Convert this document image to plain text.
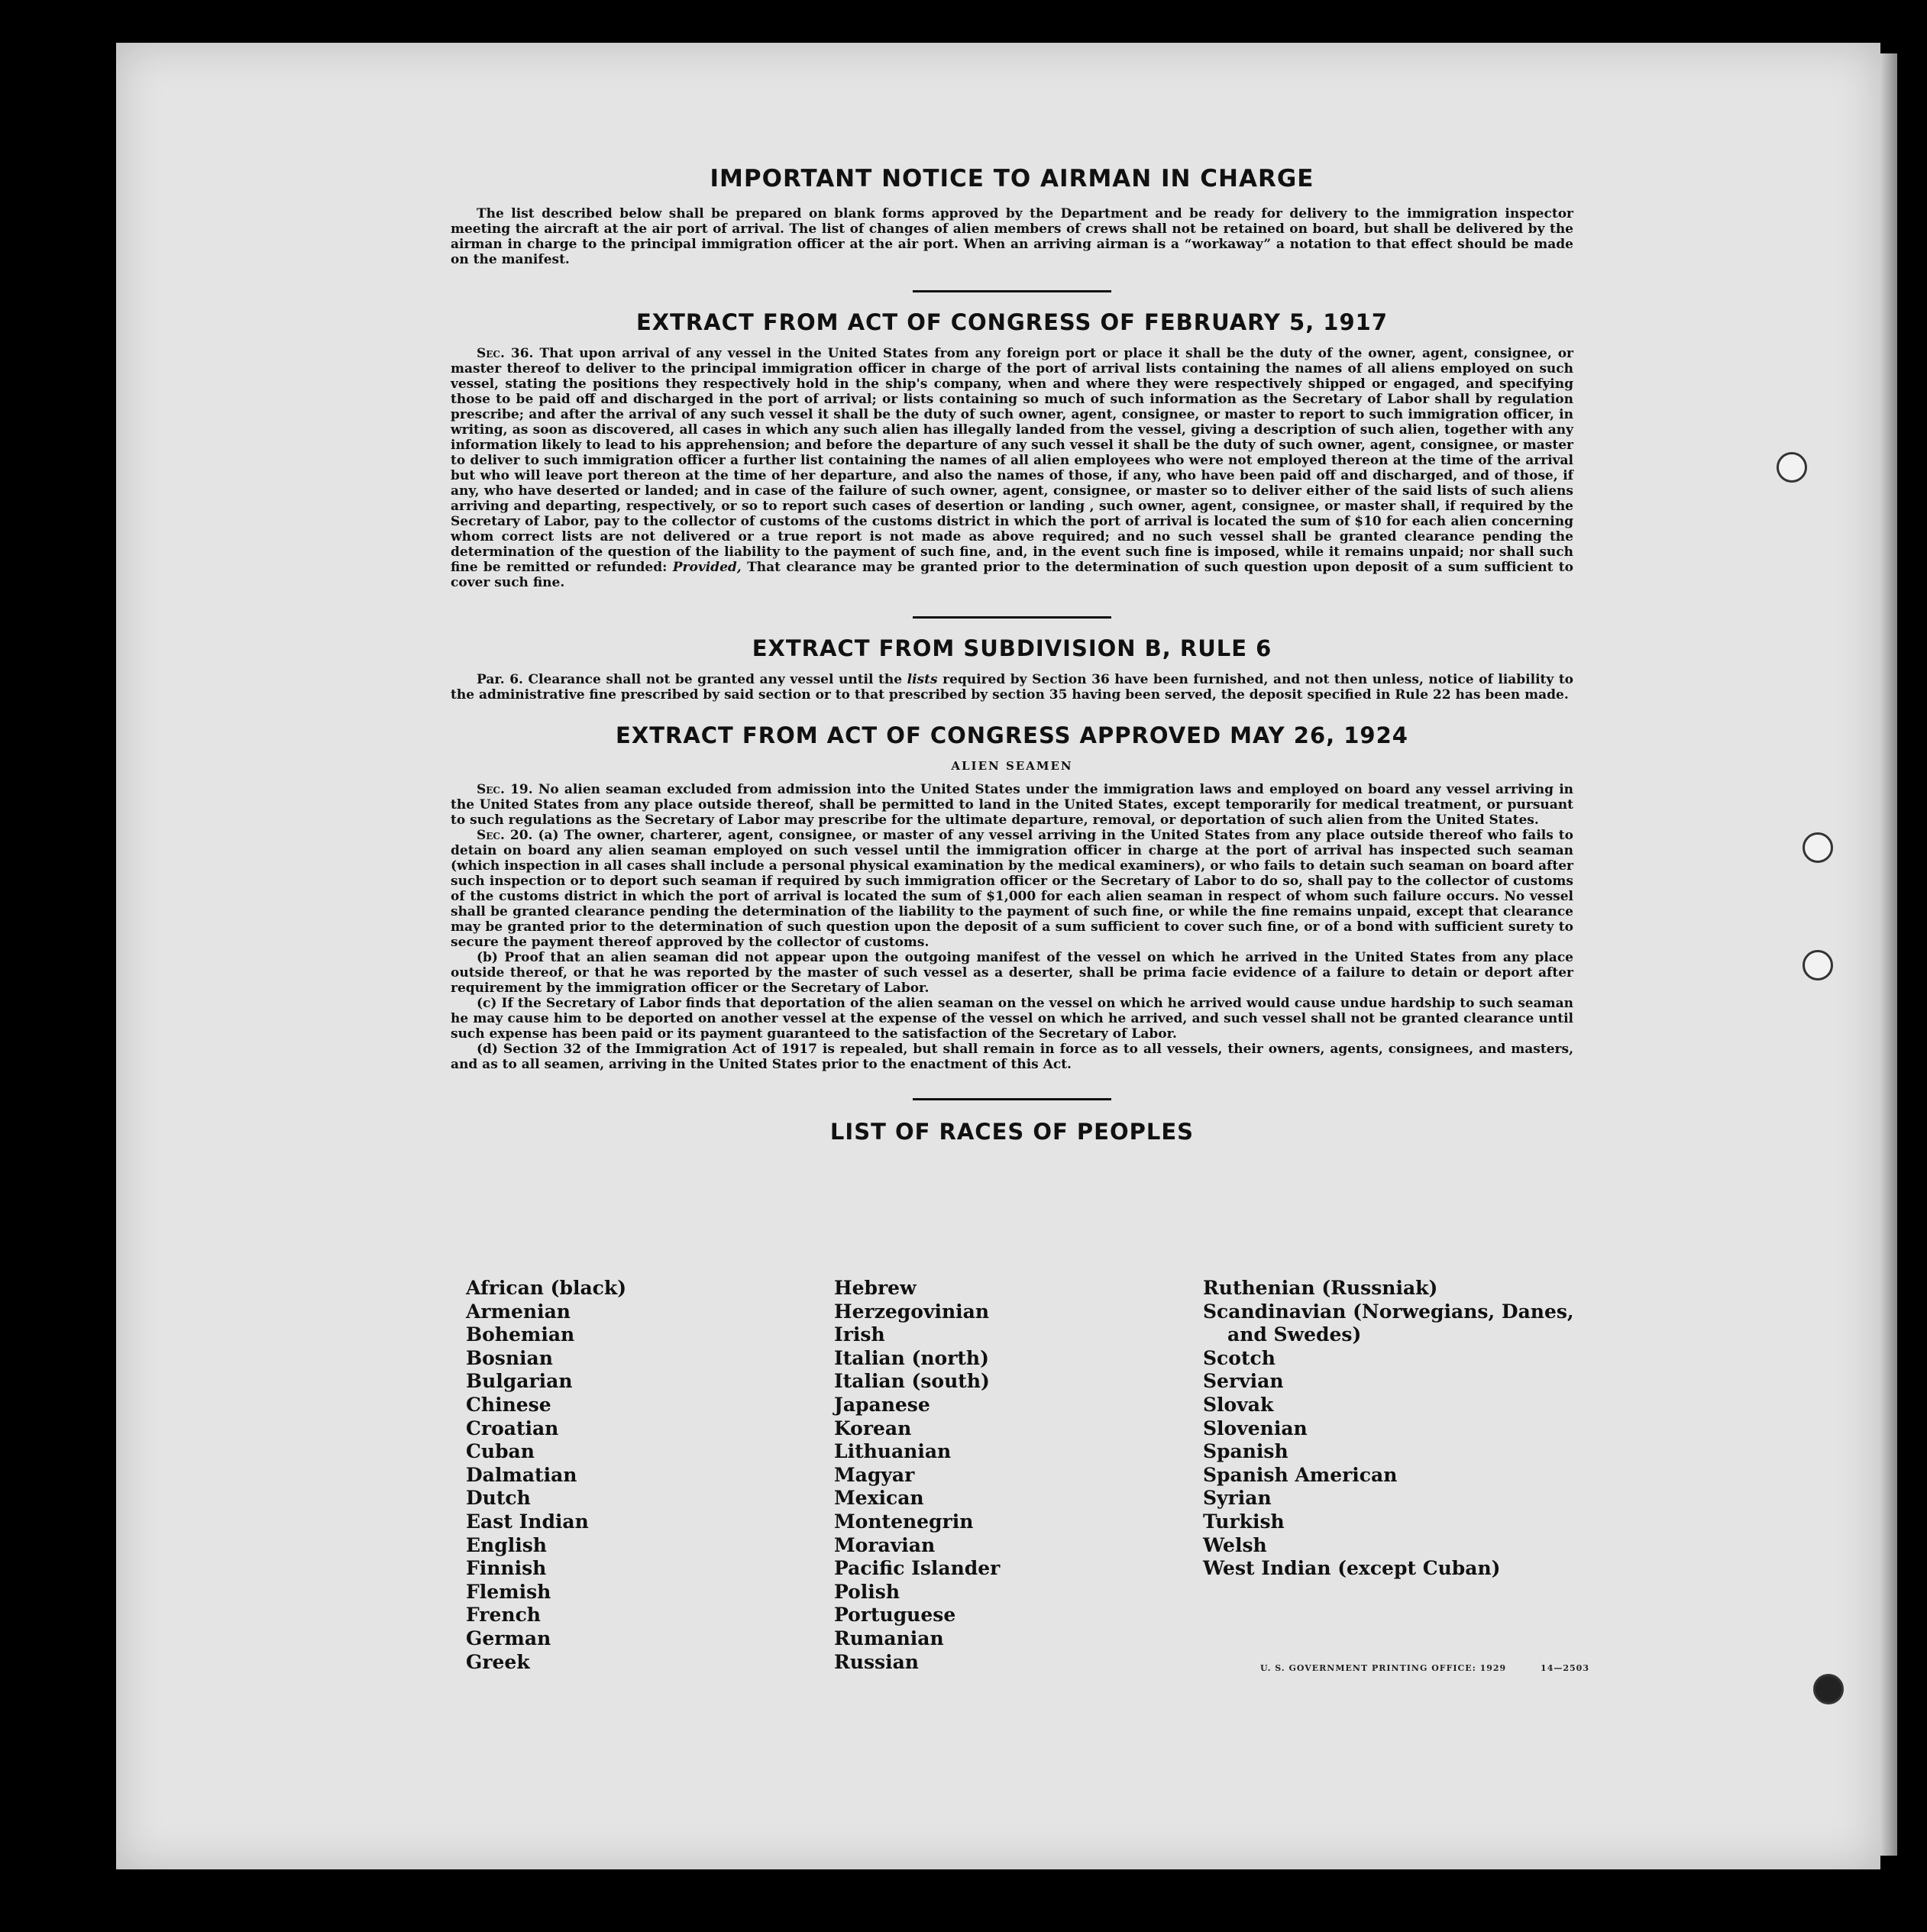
IMPORTANT NOTICE TO AIRMAN IN CHARGE

The list described below shall be prepared on blank forms approved by the Department and be ready for delivery to the immigration inspector meeting the aircraft at the air port of arrival. The list of changes of alien members of crews shall not be retained on board, but shall be delivered by the airman in charge to the principal immigration officer at the air port. When an arriving airman is a “workaway” a notation to that effect should be made on the manifest.

EXTRACT FROM ACT OF CONGRESS OF FEBRUARY 5, 1917

Sec. 36. That upon arrival of any vessel in the United States from any foreign port or place it shall be the duty of the owner, agent, consignee, or master thereof to deliver to the principal immigration officer in charge of the port of arrival lists containing the names of all aliens employed on such vessel, stating the positions they respectively hold in the ship's company, when and where they were respectively shipped or engaged, and specifying those to be paid off and discharged in the port of arrival; or lists containing so much of such information as the Secretary of Labor shall by regulation prescribe; and after the arrival of any such vessel it shall be the duty of such owner, agent, consignee, or master to report to such immigration officer, in writing, as soon as discovered, all cases in which any such alien has illegally landed from the vessel, giving a description of such alien, together with any information likely to lead to his apprehension; and before the departure of any such vessel it shall be the duty of such owner, agent, consignee, or master to deliver to such immigration officer a further list containing the names of all alien employees who were not employed thereon at the time of the arrival but who will leave port thereon at the time of her departure, and also the names of those, if any, who have been paid off and discharged, and of those, if any, who have deserted or landed; and in case of the failure of such owner, agent, consignee, or master so to deliver either of the said lists of such aliens arriving and departing, respectively, or so to report such cases of desertion or landing , such owner, agent, consignee, or master shall, if required by the Secretary of Labor, pay to the collector of customs of the customs district in which the port of arrival is located the sum of $10 for each alien concerning whom correct lists are not delivered or a true report is not made as above required; and no such vessel shall be granted clearance pending the determination of the question of the liability to the payment of such fine, and, in the event such fine is imposed, while it remains unpaid; nor shall such fine be remitted or refunded: Provided, That clearance may be granted prior to the determination of such question upon deposit of a sum sufficient to cover such fine.

EXTRACT FROM SUBDIVISION B, RULE 6

Par. 6. Clearance shall not be granted any vessel until the lists required by Section 36 have been furnished, and not then unless, notice of liability to the administrative fine prescribed by said section or to that prescribed by section 35 having been served, the deposit specified in Rule 22 has been made.

EXTRACT FROM ACT OF CONGRESS APPROVED MAY 26, 1924

ALIEN SEAMEN

Sec. 19. No alien seaman excluded from admission into the United States under the immigration laws and employed on board any vessel arriving in the United States from any place outside thereof, shall be permitted to land in the United States, except temporarily for medical treatment, or pursuant to such regulations as the Secretary of Labor may prescribe for the ultimate departure, removal, or deportation of such alien from the United States.

Sec. 20. (a) The owner, charterer, agent, consignee, or master of any vessel arriving in the United States from any place outside thereof who fails to detain on board any alien seaman employed on such vessel until the immigration officer in charge at the port of arrival has inspected such seaman (which inspection in all cases shall include a personal physical examination by the medical examiners), or who fails to detain such seaman on board after such inspection or to deport such seaman if required by such immigration officer or the Secretary of Labor to do so, shall pay to the collector of customs of the customs district in which the port of arrival is located the sum of $1,000 for each alien seaman in respect of whom such failure occurs. No vessel shall be granted clearance pending the determination of the liability to the payment of such fine, or while the fine remains unpaid, except that clearance may be granted prior to the determination of such question upon the deposit of a sum sufficient to cover such fine, or of a bond with sufficient surety to secure the payment thereof approved by the collector of customs.

(b) Proof that an alien seaman did not appear upon the outgoing manifest of the vessel on which he arrived in the United States from any place outside thereof, or that he was reported by the master of such vessel as a deserter, shall be prima facie evidence of a failure to detain or deport after requirement by the immigration officer or the Secretary of Labor.

(c) If the Secretary of Labor finds that deportation of the alien seaman on the vessel on which he arrived would cause undue hardship to such seaman he may cause him to be deported on another vessel at the expense of the vessel on which he arrived, and such vessel shall not be granted clearance until such expense has been paid or its payment guaranteed to the satisfaction of the Secretary of Labor.

(d) Section 32 of the Immigration Act of 1917 is repealed, but shall remain in force as to all vessels, their owners, agents, consignees, and masters, and as to all seamen, arriving in the United States prior to the enactment of this Act.

LIST OF RACES OF PEOPLES
African (black)
Armenian
Bohemian
Bosnian
Bulgarian
Chinese
Croatian
Cuban
Dalmatian
Dutch
East Indian
English
Finnish
Flemish
French
German
Greek
Hebrew
Herzegovinian
Irish
Italian (north)
Italian (south)
Japanese
Korean
Lithuanian
Magyar
Mexican
Montenegrin
Moravian
Pacific Islander
Polish
Portuguese
Rumanian
Russian
Ruthenian (Russniak)
Scandinavian (Norwegians, Danes,
and Swedes)
Scotch
Servian
Slovak
Slovenian
Spanish
Spanish American
Syrian
Turkish
Welsh
West Indian (except Cuban)
U. S. GOVERNMENT PRINTING OFFICE: 1929	14—2503
